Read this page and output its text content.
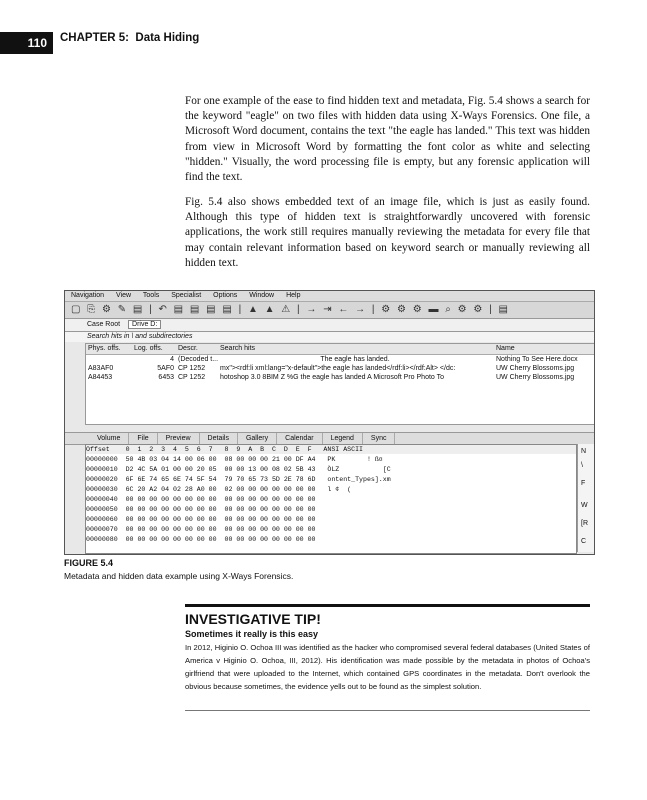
110	CHAPTER 5: Data Hiding

For one example of the ease to find hidden text and metadata, Fig. 5.4 shows a search for the keyword "eagle" on two files with hidden data using X-Ways Forensics. One file, a Microsoft Word document, contains the text "the eagle has landed." This text was hidden from view in Microsoft Word by formatting the font color as white and selecting "hidden." Visually, the word processing file is empty, but any forensic application will find the text.

Fig. 5.4 also shows embedded text of an image file, which is just as easily found. Although this type of hidden text is straightforwardly uncovered with forensic applications, the work still requires manually reviewing the metadata for every file that may contain relevant information based on keyword search or manually reviewing all hidden text.

Navigation View Tools Specialist Options Window Help
▢ ⎘ ⚙ ✎ ▤ | ↶ ▤ ▤ ▤ ▤ | ▲ ▲ ⚠ | → ⇥ ← → | ⚙ ⚙ ⚙ ▬ ⌕ ⚙ ⚙ | ▤
Case Root Drive D:
Search hits in \ and subdirectories
Phys. offs.	Log. offs.	Descr.	Search hits	Name
4 (Decoded t...	The eagle has landed.	Nothing To See Here.docx
A83AF0	5AF0 CP 1252	mx"><rdf:li xml:lang="x-default">the eagle has landed</rdf:li></rdf:Alt> </dc:	UW Cherry Blossoms.jpg
A84453	6453 CP 1252	hotoshop 3.0 8BIM Z %G the eagle has landed A Microsoft Pro Photo To	UW Cherry Blossoms.jpg
Volume File Preview Details Gallery Calendar Legend Sync
Offset    0  1  2  3  4  5  6  7   8  9  A  B  C  D  E  F   ANSI ASCII
00000000  50 4B 03 04 14 00 06 00  08 00 00 00 21 00 DF A4   PK        ! ß¤
00000010  D2 4C 5A 01 00 00 20 05  00 00 13 00 08 02 5B 43   ÒLZ           [C
00000020  6F 6E 74 65 6E 74 5F 54  79 70 65 73 5D 2E 78 6D   ontent_Types].xm
00000030  6C 20 A2 04 02 28 A0 00  02 00 00 00 00 00 00 00   l ¢  (
00000040  00 00 00 00 00 00 00 00  00 00 00 00 00 00 00 00
00000050  00 00 00 00 00 00 00 00  00 00 00 00 00 00 00 00
00000060  00 00 00 00 00 00 00 00  00 00 00 00 00 00 00 00
00000070  00 00 00 00 00 00 00 00  00 00 00 00 00 00 00 00
00000080  00 00 00 00 00 00 00 00  00 00 00 00 00 00 00 00
N
\
F
W
[R
C
FIGURE 5.4
Metadata and hidden data example using X-Ways Forensics.
INVESTIGATIVE TIP!
Sometimes it really is this easy

In 2012, Higinio O. Ochoa III was identified as the hacker who compromised several federal databases (United States of America v Higinio O. Ochoa, III, 2012). His identification was made possible by the metadata in photos of Ochoa's girlfriend that were uploaded to the Internet, which contained GPS coordinates in the metadata. Don't overlook the obvious because sometimes, the evidence yells out to be found as the simplest solution.
